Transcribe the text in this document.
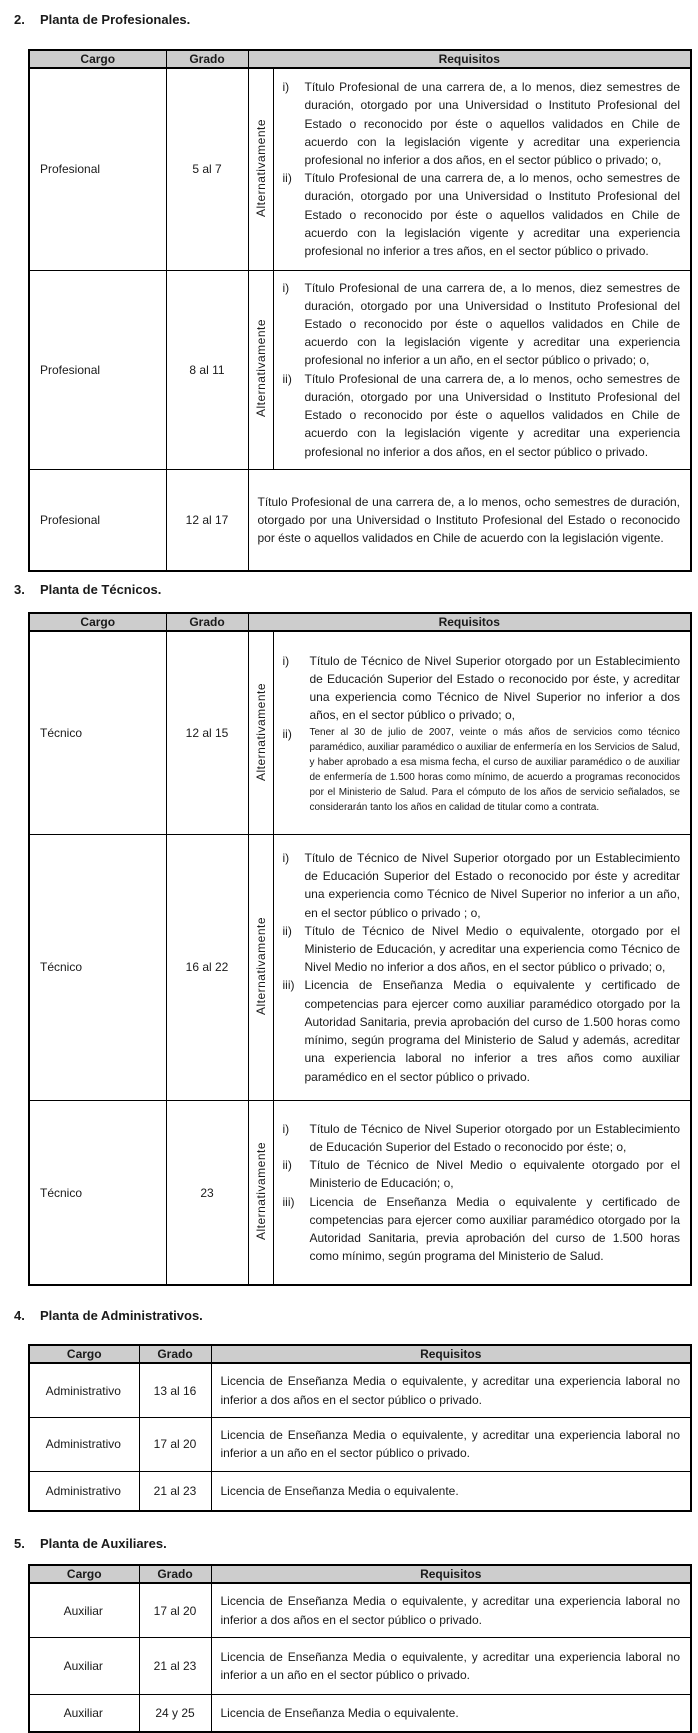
2.	Planta de Profesionales.
Cargo	Grado	Requisitos	
Profesional	5 al 7	Alternativamente	i) Título Profesional de una carrera de, a lo menos, diez semestres de duración, otorgado por una Universidad o Instituto Profesional del Estado o reconocido por éste o aquellos validados en Chile de acuerdo con la legislación vigente y acreditar una experiencia profesional no inferior a dos años, en el sector público o privado; o,
ii) Título Profesional de una carrera de, a lo menos, ocho semestres de duración, otorgado por una Universidad o Instituto Profesional del Estado o reconocido por éste o aquellos validados en Chile de acuerdo con la legislación vigente y acreditar una experiencia profesional no inferior a tres años, en el sector público o privado.

Profesional	8 al 11	Alternativamente	i) Título Profesional de una carrera de, a lo menos, diez semestres de duración, otorgado por una Universidad o Instituto Profesional del Estado o reconocido por éste o aquellos validados en Chile de acuerdo con la legislación vigente y acreditar una experiencia profesional no inferior a un año, en el sector público o privado; o,
ii) Título Profesional de una carrera de, a lo menos, ocho semestres de duración, otorgado por una Universidad o Instituto Profesional del Estado o reconocido por éste o aquellos validados en Chile de acuerdo con la legislación vigente y acreditar una experiencia profesional no inferior a dos años, en el sector público o privado.

Profesional	12 al 17	Título Profesional de una carrera de, a lo menos, ocho semestres de duración, otorgado por una Universidad o Instituto Profesional del Estado o reconocido por éste o aquellos validados en Chile de acuerdo con la legislación vigente.	
3.	Planta de Técnicos.
Cargo	Grado	Requisitos	
Técnico	12 al 15	Alternativamente	i) Título de Técnico de Nivel Superior otorgado por un Establecimiento de Educación Superior del Estado o reconocido por éste, y acreditar una experiencia como Técnico de Nivel Superior no inferior a dos años, en el sector público o privado; o,
ii) Tener al 30 de julio de 2007, veinte o más años de servicios como técnico paramédico, auxiliar paramédico o auxiliar de enfermería en los Servicios de Salud, y haber aprobado a esa misma fecha, el curso de auxiliar paramédico o de auxiliar de enfermería de 1.500 horas como mínimo, de acuerdo a programas reconocidos por el Ministerio de Salud. Para el cómputo de los años de servicio señalados, se considerarán tanto los años en calidad de titular como a contrata.

Técnico	16 al 22	Alternativamente	
i)	Título de Técnico de Nivel Superior otorgado por un Establecimiento de Educación Superior del Estado o reconocido por éste y acreditar una experiencia como Técnico de Nivel Superior no inferior a un año, en el sector público o privado ; o,
ii)	Título de Técnico de Nivel Medio o equivalente, otorgado por el Ministerio de Educación, y acreditar una experiencia como Técnico de Nivel Medio no inferior a dos años, en el sector público o privado; o,
iii) Licencia de Enseñanza Media o equivalente y certificado de competencias para ejercer como auxiliar paramédico otorgado por la Autoridad Sanitaria, previa aprobación del curso de 1.500 horas como mínimo, según programa del Ministerio de Salud y además, acreditar una experiencia laboral no inferior a tres años como auxiliar paramédico en el sector público o privado.

Técnico	23	Alternativamente	
i)	Título de Técnico de Nivel Superior otorgado por un Establecimiento de Educación Superior del Estado o reconocido por éste; o,
ii)	Título de Técnico de Nivel Medio o equivalente otorgado por el Ministerio de Educación; o,
iii)	Licencia de Enseñanza Media o equivalente y certificado de competencias para ejercer como auxiliar paramédico otorgado por la Autoridad Sanitaria, previa aprobación del curso de 1.500 horas como mínimo, según programa del Ministerio de Salud.
4.	Planta de Administrativos.
Cargo	Grado	Requisitos
Administrativo	13 al 16	Licencia de Enseñanza Media o equivalente, y acreditar una experiencia laboral no inferior a dos años en el sector público o privado.

Administrativo	17 al 20	Licencia de Enseñanza Media o equivalente, y acreditar una experiencia laboral no inferior a un año en el sector público o privado.

Administrativo	21 al 23	Licencia de Enseñanza Media o equivalente.
5.	Planta de Auxiliares.
Cargo	Grado	Requisitos
Auxiliar	17 al 20	Licencia de Enseñanza Media o equivalente, y acreditar una experiencia laboral no inferior a dos años en el sector público o privado.

Auxiliar	21 al 23	Licencia de Enseñanza Media o equivalente, y acreditar una experiencia laboral no inferior a un año en el sector público o privado.

Auxiliar	24 y 25	Licencia de Enseñanza Media o equivalente.
